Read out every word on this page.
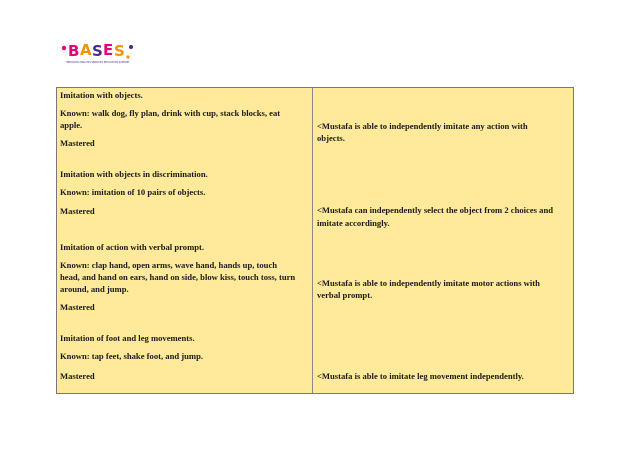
B A S E S
BEHAVIOR ANALYSIS SERVICES EDUCATION SUPPORT
Imitation with objects.
Known: walk dog, fly plan, drink with cup, stack blocks, eat
apple.
Mastered
Imitation with objects in discrimination.
Known: imitation of 10 pairs of objects.
Mastered
Imitation of action with verbal prompt.
Known: clap hand, open arms, wave hand, hands up, touch
head, and hand on ears, hand on side, blow kiss, touch toss, turn
around, and jump.
Mastered
Imitation of foot and leg movements.
Known: tap feet, shake foot, and jump.
Mastered
<Mustafa is able to independently imitate any action with
objects.
<Mustafa can independently select the object from 2 choices and
imitate accordingly.
<Mustafa is able to independently imitate motor actions with
verbal prompt.
<Mustafa is able to imitate leg movement independently.
